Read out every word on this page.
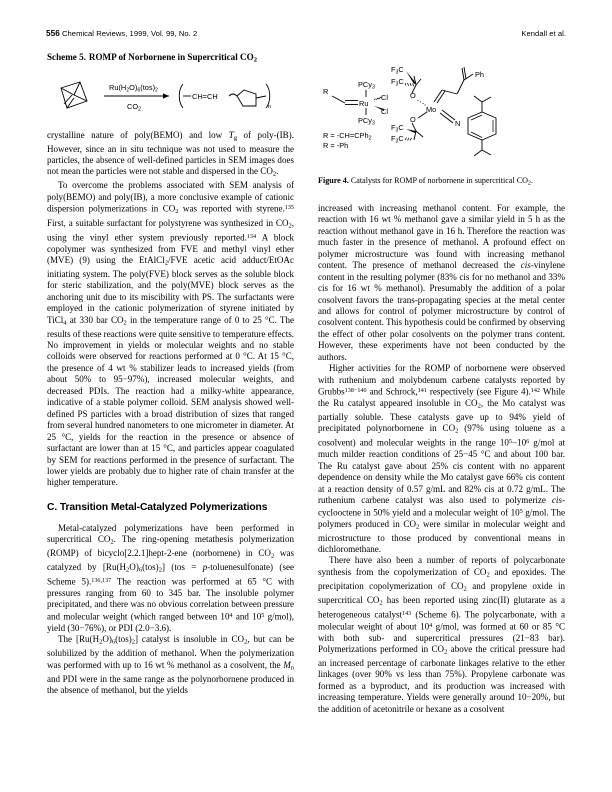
556 Chemical Reviews, 1999, Vol. 99, No. 2	Kendall et al.
Scheme 5. ROMP of Norbornene in Supercritical $CO_2$
$Ru(H_2O)_6(tos)_2$
$CO_2$
CH=CH
n

crystalline nature of poly(BEMO) and low $T_g$ of poly-(IB). However, since an in situ technique was not used to measure the particles, the absence of well-defined particles in SEM images does not mean the particles were not stable and dispersed in the $CO_2$.

To overcome the problems associated with SEM analysis of poly(BEMO) and poly(IB), a more conclusive example of cationic dispersion polymerizations in $CO_2$ was reported with styrene.$^{135}$ First, a suitable surfactant for polystyrene was synthesized in $CO_2$, using the vinyl ether system previously reported.$^{134}$ A block copolymer was synthesized from FVE and methyl vinyl ether (MVE) (9) using the EtAlCl$_2$/FVE acetic acid adduct/EtOAc initiating system. The poly(FVE) block serves as the soluble block for steric stabilization, and the poly(MVE) block serves as the anchoring unit due to its miscibility with PS. The surfactants were employed in the cationic polymerization of styrene initiated by TiCl$_4$ at 330 bar $CO_2$ in the temperature range of 0 to 25 °C. The results of these reactions were quite sensitive to temperature effects. No improvement in yields or molecular weights and no stable colloids were observed for reactions performed at 0 °C. At 15 °C, the presence of 4 wt % stabilizer leads to increased yields (from about 50% to 95−97%), increased molecular weights, and decreased PDIs. The reaction had a milky-white appearance, indicative of a stable polymer colloid. SEM analysis showed well-defined PS particles with a broad distribution of sizes that ranged from several hundred nanometers to one micrometer in diameter. At 25 °C, yields for the reaction in the presence or absence of surfactant are lower than at 15 °C, and particles appear coagulated by SEM for reactions performed in the presence of surfactant. The lower yields are probably due to higher rate of chain transfer at the higher temperature.

C. Transition Metal-Catalyzed Polymerizations

Metal-catalyzed polymerizations have been performed in supercritical $CO_2$. The ring-opening metathesis polymerization (ROMP) of bicyclo[2.2.1]hept-2-ene (norbornene) in $CO_2$ was catalyzed by $[Ru(H_2O)_6(tos)_2] (tos$ = p-toluenesulfonate) (see Scheme 5).$^{136,137}$ The reaction was performed at 65 °C with pressures ranging from 60 to 345 bar. The insoluble polymer precipitated, and there was no obvious correlation between pressure and molecular weight (which ranged between $10^4$ and $10^5$ g/mol), yield (30−76%), or PDI (2.0−3.6).

The $[Ru(H_2O)_6(tos)_2]$ catalyst is insoluble in $CO_2$, but can be solubilized by the addition of methanol. When the polymerization was performed with up to 16 wt % methanol as a cosolvent, the $M_n$ and PDI were in the same range as the polynorbornene produced in the absence of methanol, but the yields

R
Ru
PCy$_3$
PCy$_3$
Cl
Cl
R = -CH=CPh$_2$
R = -Ph
Mo
O
$F_3C$
$F_3C$
O
$F_3C$
$F_3C$
Ph
N

Figure 4. Catalysts for ROMP of norbornene in supercritical $CO_2$.

increased with increasing methanol content. For example, the reaction with 16 wt % methanol gave a similar yield in 5 h as the reaction without methanol gave in 16 h. Therefore the reaction was much faster in the presence of methanol. A profound effect on polymer microstructure was found with increasing methanol content. The presence of methanol decreased the cis-vinylene content in the resulting polymer (83% cis for no methanol and 33% cis for 16 wt % methanol). Presumably the addition of a polar cosolvent favors the trans-propagating species at the metal center and allows for control of polymer microstructure by control of cosolvent content. This hypothesis could be confirmed by observing the effect of other polar cosolvents on the polymer trans content. However, these experiments have not been conducted by the authors.

Higher activities for the ROMP of norbornene were observed with ruthenium and molybdenum carbene catalysts reported by Grubbs$^{138-140}$ and Schrock,$^{141}$ respectively (see Figure 4).$^{142}$ While the Ru catalyst appeared insoluble in $CO_2$, the Mo catalyst was partially soluble. These catalysts gave up to 94% yield of precipitated polynorbornene in $CO_2$ (97% using toluene as a cosolvent) and molecular weights in the range $10^5-10^6$ g/mol at much milder reaction conditions of 25−45 °C and about 100 bar. The Ru catalyst gave about 25% cis content with no apparent dependence on density while the Mo catalyst gave 66% cis content at a reaction density of 0.57 g/mL and 82% cis at 0.72 g/mL. The ruthenium carbene catalyst was also used to polymerize cis-cyclooctene in 50% yield and a molecular weight of $10^5$ g/mol. The polymers produced in $CO_2$ were similar in molecular weight and microstructure to those produced by conventional means in dichloromethane.

There have also been a number of reports of polycarbonate synthesis from the copolymerization of $CO_2$ and epoxides. The precipitation copolymerization of $CO_2$ and propylene oxide in supercritical $CO_2$ has been reported using zinc(II) glutarate as a heterogeneous catalyst$^{143}$ (Scheme 6). The polycarbonate, with a molecular weight of about $10^4$ g/mol, was formed at 60 or 85 °C with both sub- and supercritical pressures (21−83 bar). Polymerizations performed in $CO_2$ above the critical pressure had an increased percentage of carbonate linkages relative to the ether linkages (over 90% vs less than 75%). Propylene carbonate was formed as a byproduct, and its production was increased with increasing temperature. Yields were generally around 10−20%, but the addition of acetonitrile or hexane as a cosolvent
